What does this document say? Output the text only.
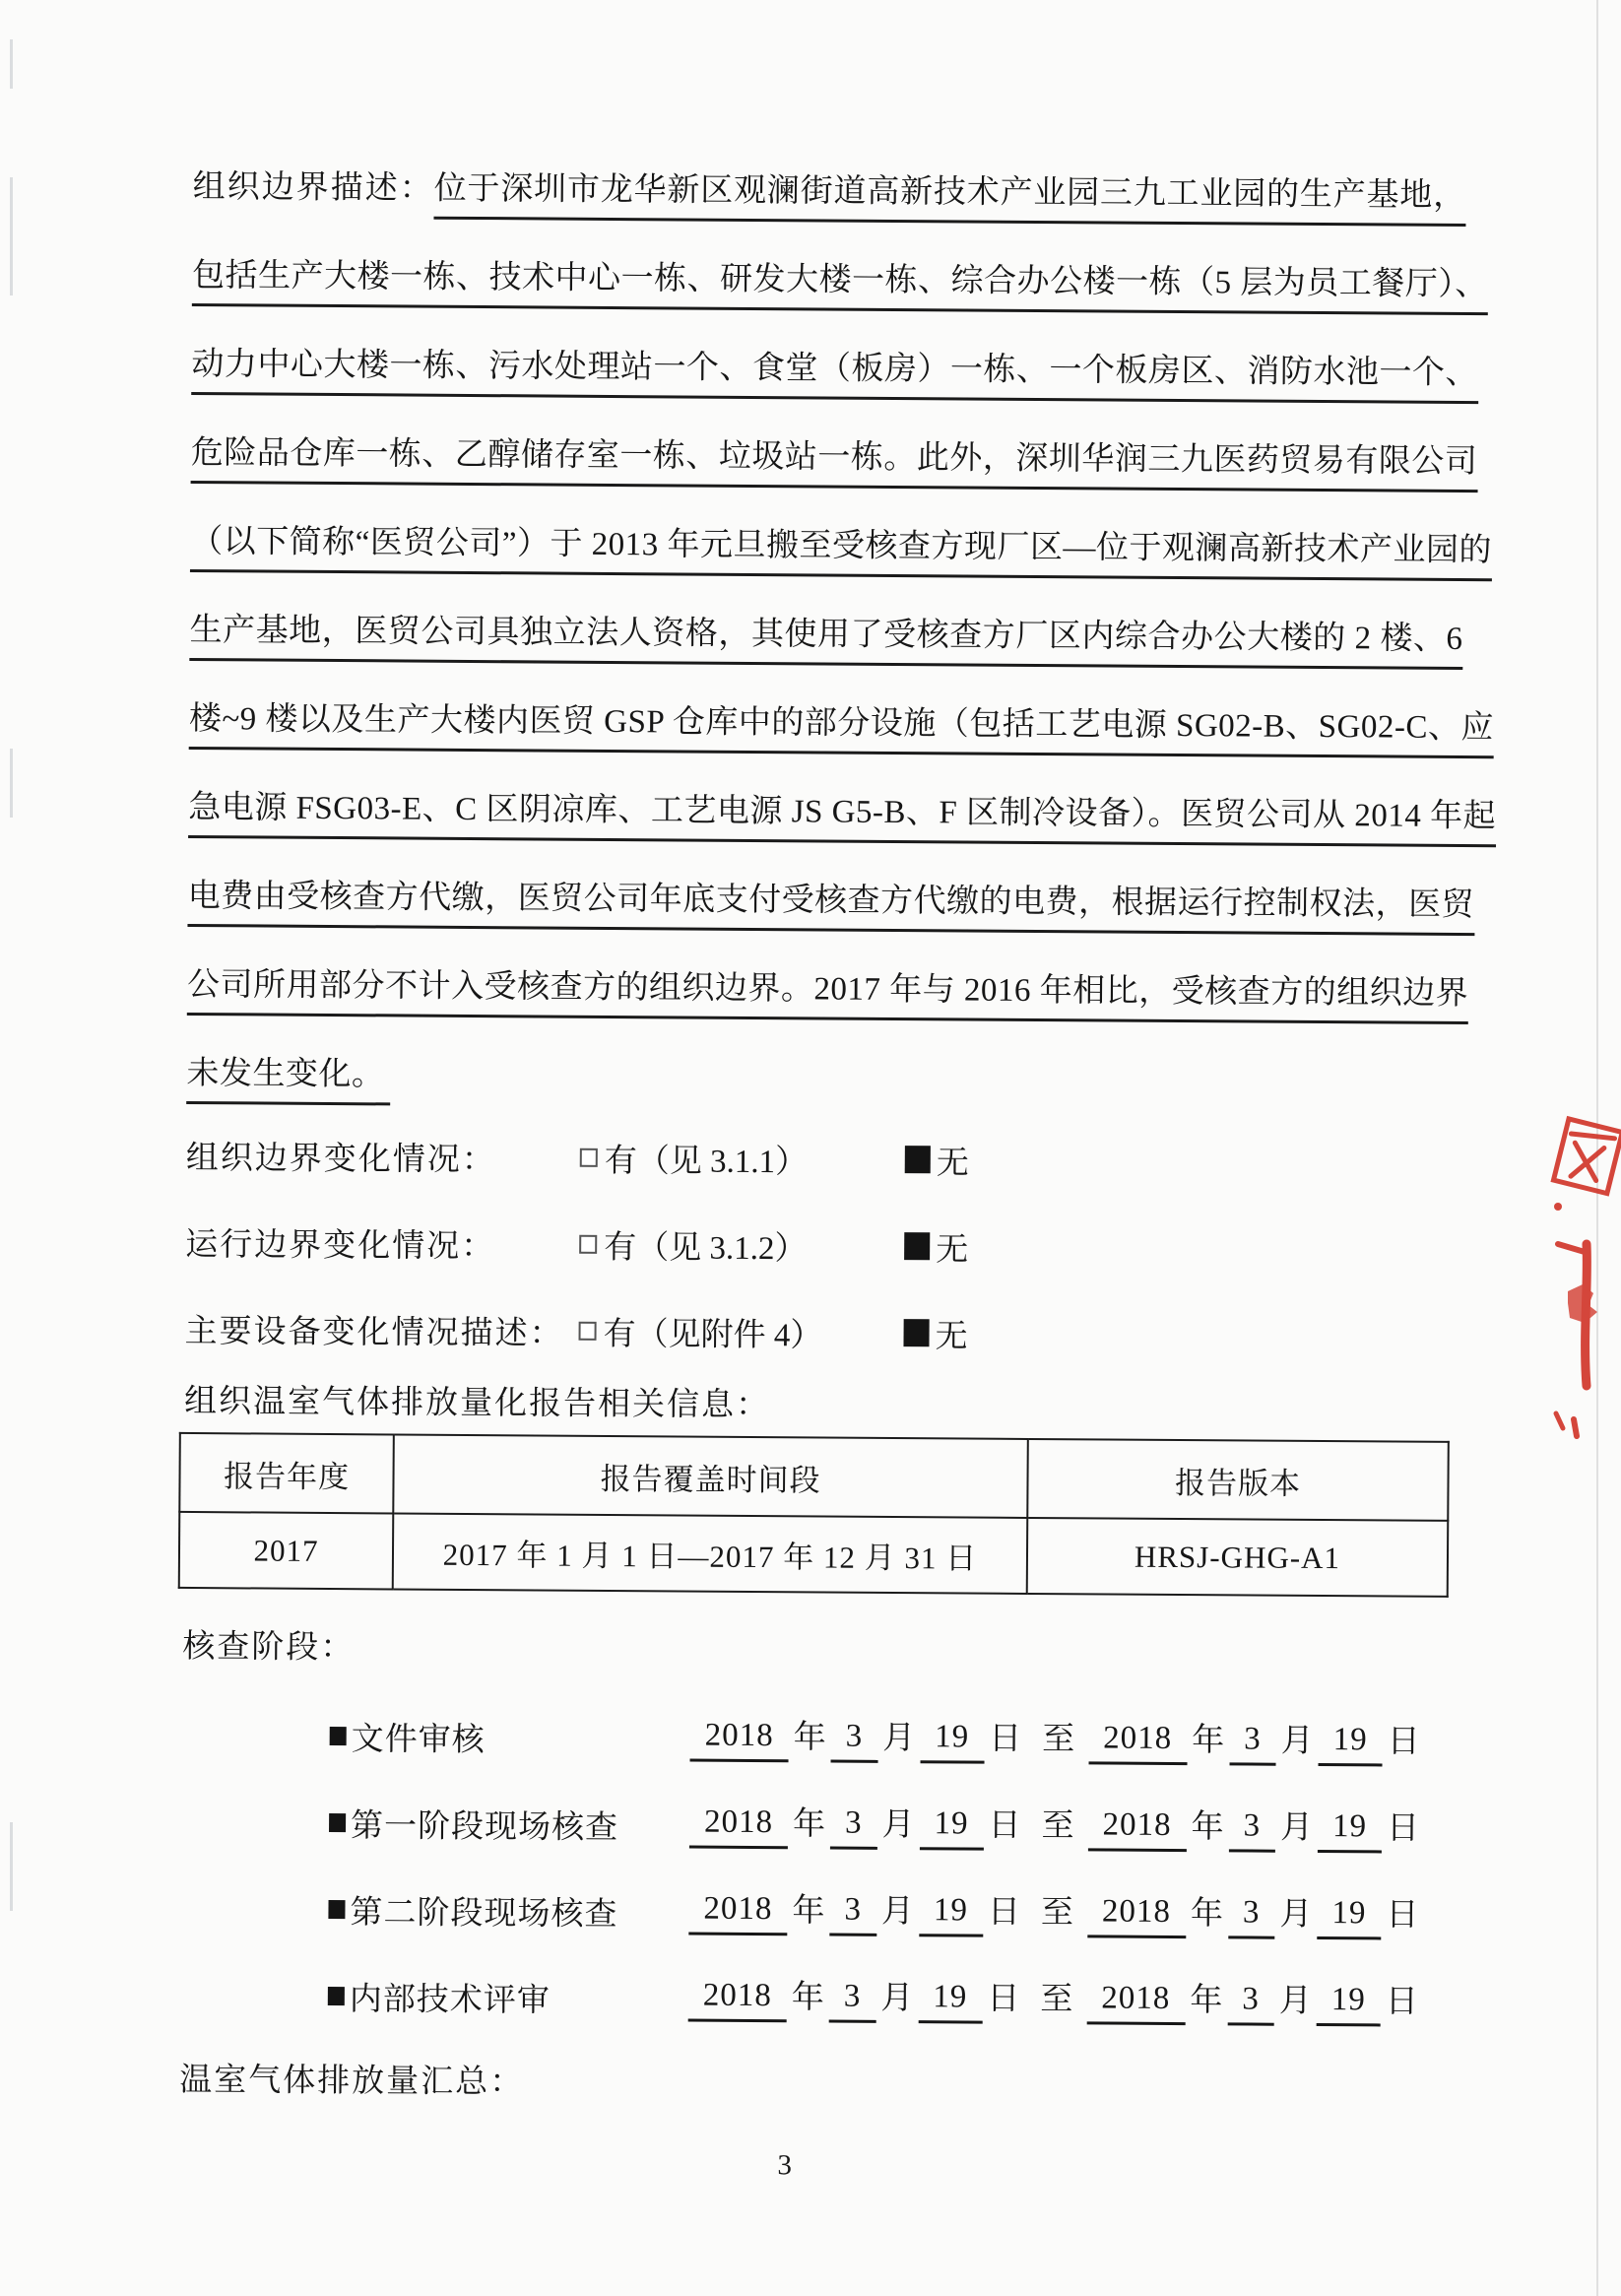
组织边界描述： 位于深圳市龙华新区观澜街道高新技术产业园三九工业园的生产基地，
包括生产大楼一栋、技术中心一栋、研发大楼一栋、综合办公楼一栋（5 层为员工餐厅）、
动力中心大楼一栋、污水处理站一个、食堂（板房）一栋、一个板房区、消防水池一个、
危险品仓库一栋、乙醇储存室一栋、垃圾站一栋。此外，深圳华润三九医药贸易有限公司
（以下简称“医贸公司”）于 2013 年元旦搬至受核查方现厂区—位于观澜高新技术产业园的
生产基地，医贸公司具独立法人资格，其使用了受核查方厂区内综合办公大楼的 2 楼、6
楼~9 楼以及生产大楼内医贸 GSP 仓库中的部分设施（包括工艺电源 SG02-B、SG02-C、应
急电源 FSG03-E、C 区阴凉库、工艺电源 JS G5-B、F 区制冷设备）。医贸公司从 2014 年起
电费由受核查方代缴，医贸公司年底支付受核查方代缴的电费，根据运行控制权法，医贸
公司所用部分不计入受核查方的组织边界。2017 年与 2016 年相比，受核查方的组织边界
未发生变化。
组织边界变化情况：	有（见 3.1.1）	无
运行边界变化情况：	有（见 3.1.2）	无
主要设备变化情况描述：	有（见附件 4）	无
组织温室气体排放量化报告相关信息：
报告年度	报告覆盖时间段	报告版本
2017	2017 年 1 月 1 日—2017 年 12 月 31 日	HRSJ-GHG-A1
核查阶段：
文件审核	2018 年 3 月 19 日 至 2018 年 3 月 19 日
第一阶段现场核查	2018 年 3 月 19 日 至 2018 年 3 月 19 日
第二阶段现场核查	2018 年 3 月 19 日 至 2018 年 3 月 19 日
内部技术评审	2018 年 3 月 19 日 至 2018 年 3 月 19 日
温室气体排放量汇总：
3
